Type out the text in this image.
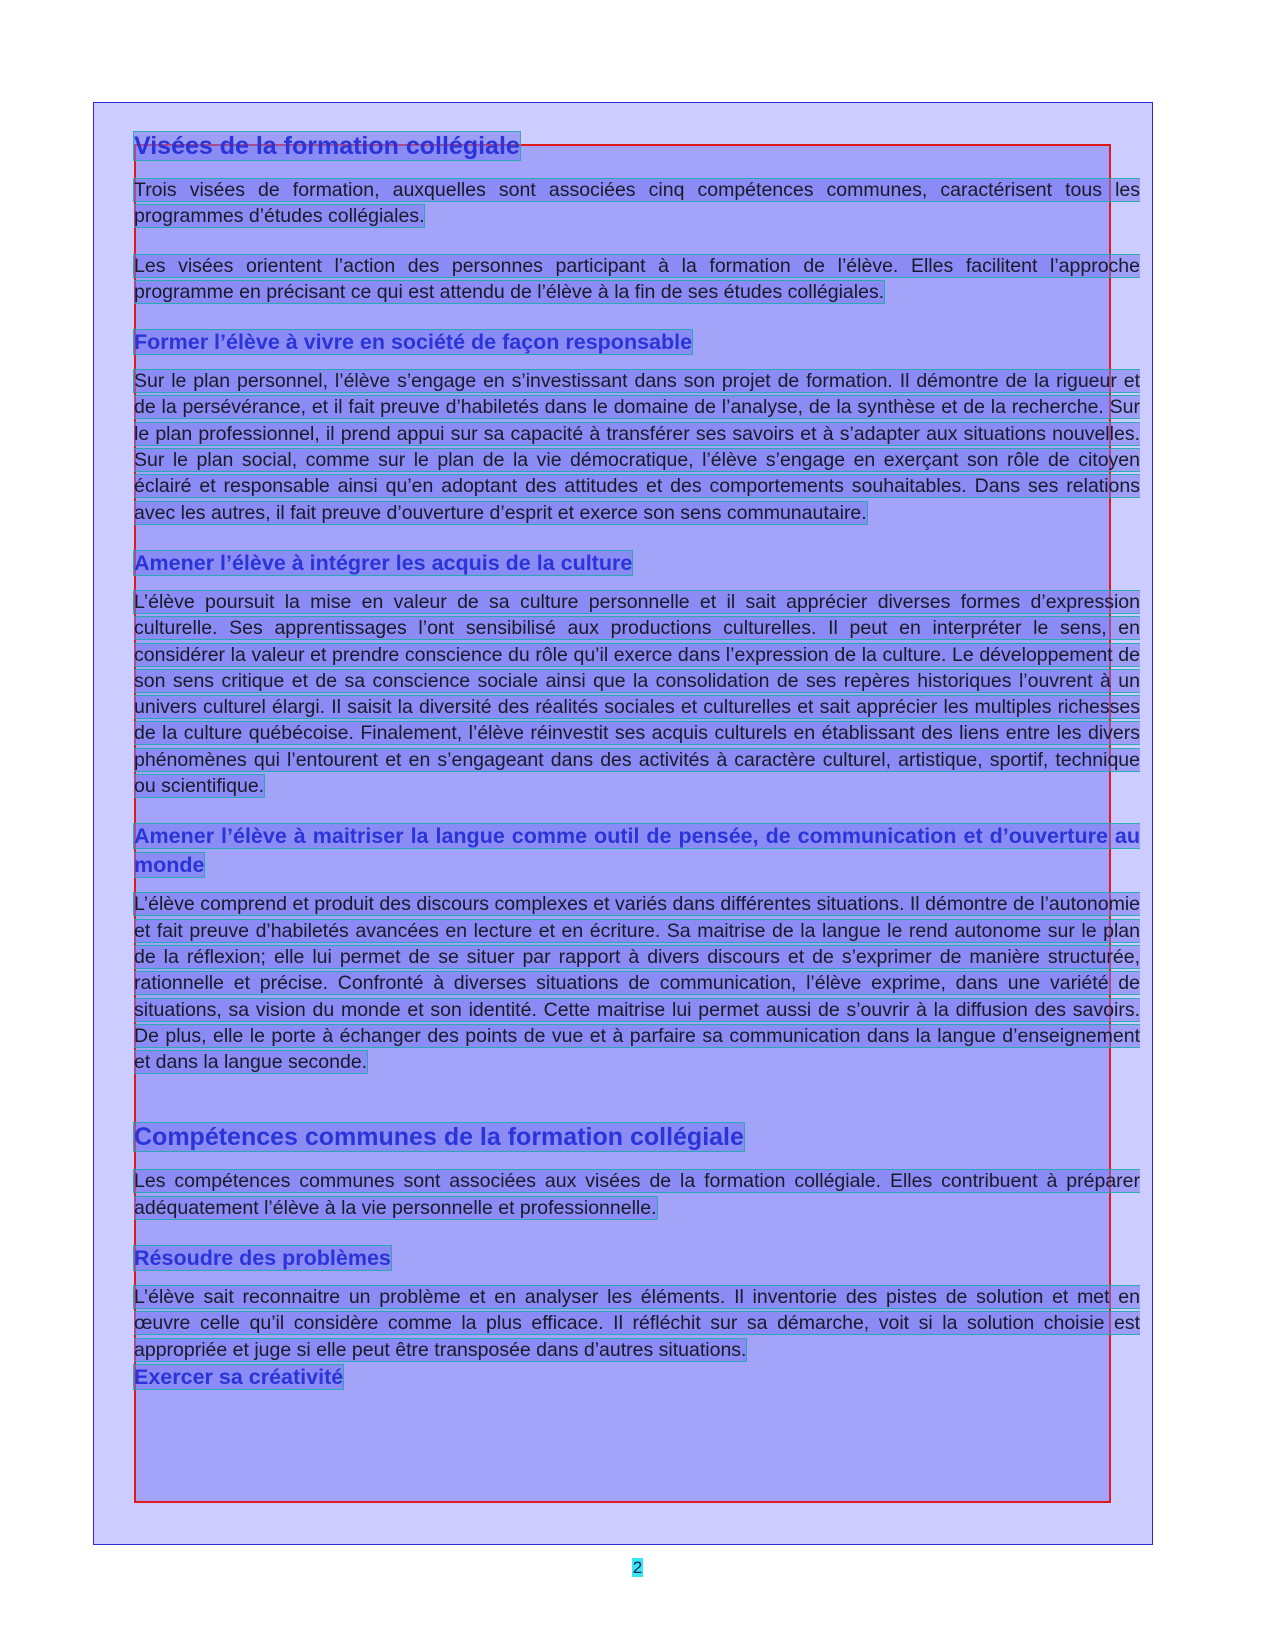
Visées de la formation collégiale

Trois visées de formation, auxquelles sont associées cinq compétences communes, caractérisent tous les programmes d’études collégiales.

Les visées orientent l’action des personnes participant à la formation de l’élève. Elles facilitent l’approche programme en précisant ce qui est attendu de l’élève à la fin de ses études collégiales.

Former l’élève à vivre en société de façon responsable

Sur le plan personnel, l’élève s’engage en s’investissant dans son projet de formation. Il démontre de la rigueur et de la persévérance, et il fait preuve d’habiletés dans le domaine de l’analyse, de la synthèse et de la recherche. Sur le plan professionnel, il prend appui sur sa capacité à transférer ses savoirs et à s’adapter aux situations nouvelles. Sur le plan social, comme sur le plan de la vie démocratique, l’élève s’engage en exerçant son rôle de citoyen éclairé et responsable ainsi qu’en adoptant des attitudes et des comportements souhaitables. Dans ses relations avec les autres, il fait preuve d’ouverture d’esprit et exerce son sens communautaire.

Amener l’élève à intégrer les acquis de la culture

L’élève poursuit la mise en valeur de sa culture personnelle et il sait apprécier diverses formes d’expression culturelle. Ses apprentissages l’ont sensibilisé aux productions culturelles. Il peut en interpréter le sens, en considérer la valeur et prendre conscience du rôle qu’il exerce dans l’expression de la culture. Le développement de son sens critique et de sa conscience sociale ainsi que la consolidation de ses repères historiques l’ouvrent à un univers culturel élargi. Il saisit la diversité des réalités sociales et culturelles et sait apprécier les multiples richesses de la culture québécoise. Finalement, l’élève réinvestit ses acquis culturels en établissant des liens entre les divers phénomènes qui l’entourent et en s’engageant dans des activités à caractère culturel, artistique, sportif, technique ou scientifique.

Amener l’élève à maitriser la langue comme outil de pensée, de communication et d’ouverture au monde

L’élève comprend et produit des discours complexes et variés dans différentes situations. Il démontre de l’autonomie et fait preuve d’habiletés avancées en lecture et en écriture. Sa maitrise de la langue le rend autonome sur le plan de la réflexion; elle lui permet de se situer par rapport à divers discours et de s’exprimer de manière structurée, rationnelle et précise. Confronté à diverses situations de communication, l’élève exprime, dans une variété de situations, sa vision du monde et son identité. Cette maitrise lui permet aussi de s’ouvrir à la diffusion des savoirs. De plus, elle le porte à échanger des points de vue et à parfaire sa communication dans la langue d’enseignement et dans la langue seconde.

Compétences communes de la formation collégiale

Les compétences communes sont associées aux visées de la formation collégiale. Elles contribuent à préparer adéquatement l’élève à la vie personnelle et professionnelle.

Résoudre des problèmes

L’élève sait reconnaitre un problème et en analyser les éléments. Il inventorie des pistes de solution et met en œuvre celle qu’il considère comme la plus efficace. Il réfléchit sur sa démarche, voit si la solution choisie est appropriée et juge si elle peut être transposée dans d’autres situations.

Exercer sa créativité
2
